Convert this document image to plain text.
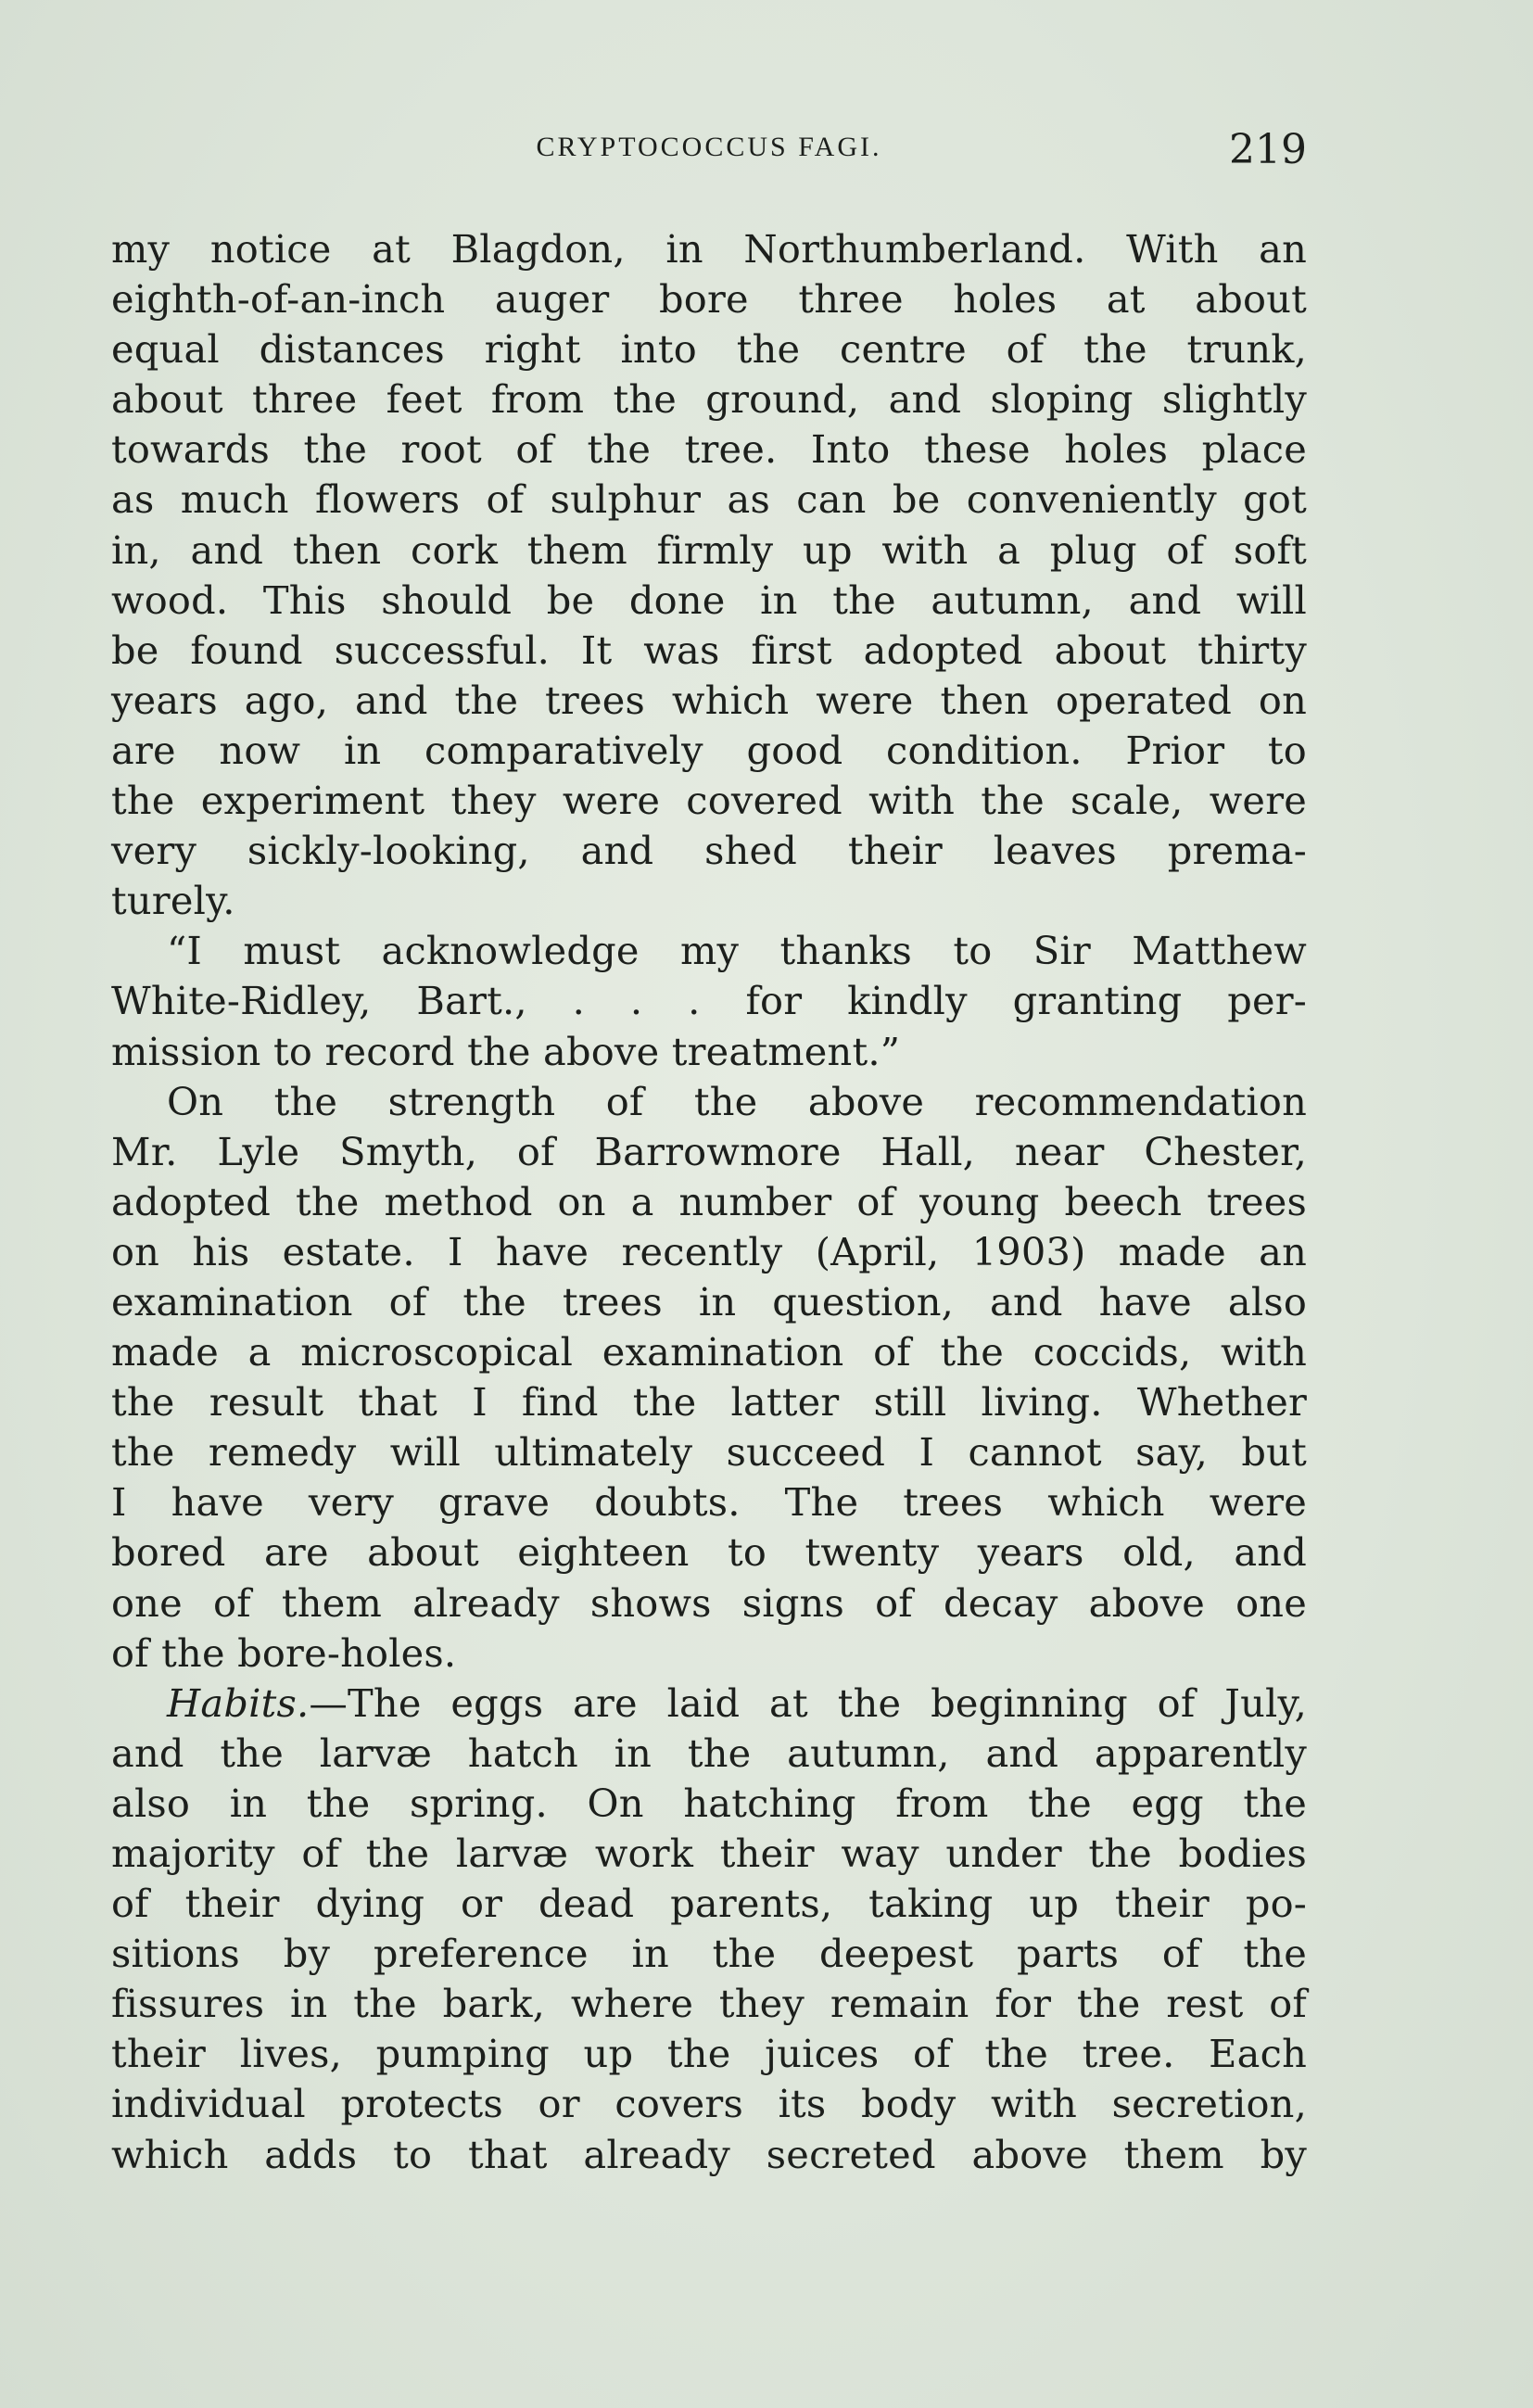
CRYPTOCOCCUS FAGI.	219
my notice at Blagdon, in Northumberland. With an
eighth-of-an-inch auger bore three holes at about
equal distances right into the centre of the trunk,
about three feet from the ground, and sloping slightly
towards the root of the tree. Into these holes place
as much flowers of sulphur as can be conveniently got
in, and then cork them firmly up with a plug of soft
wood. This should be done in the autumn, and will
be found successful. It was first adopted about thirty
years ago, and the trees which were then operated on
are now in comparatively good condition. Prior to
the experiment they were covered with the scale, were
very sickly-looking, and shed their leaves prema-
turely.
“I must acknowledge my thanks to Sir Matthew
White-Ridley, Bart., . . . for kindly granting per-
mission to record the above treatment.”
On the strength of the above recommendation
Mr. Lyle Smyth, of Barrowmore Hall, near Chester,
adopted the method on a number of young beech trees
on his estate. I have recently (April, 1903) made an
examination of the trees in question, and have also
made a microscopical examination of the coccids, with
the result that I find the latter still living. Whether
the remedy will ultimately succeed I cannot say, but
I have very grave doubts. The trees which were
bored are about eighteen to twenty years old, and
one of them already shows signs of decay above one
of the bore-holes.
Habits.—The eggs are laid at the beginning of July,
and the larvæ hatch in the autumn, and apparently
also in the spring. On hatching from the egg the
majority of the larvæ work their way under the bodies
of their dying or dead parents, taking up their po-
sitions by preference in the deepest parts of the
fissures in the bark, where they remain for the rest of
their lives, pumping up the juices of the tree. Each
individual protects or covers its body with secretion,
which adds to that already secreted above them by
